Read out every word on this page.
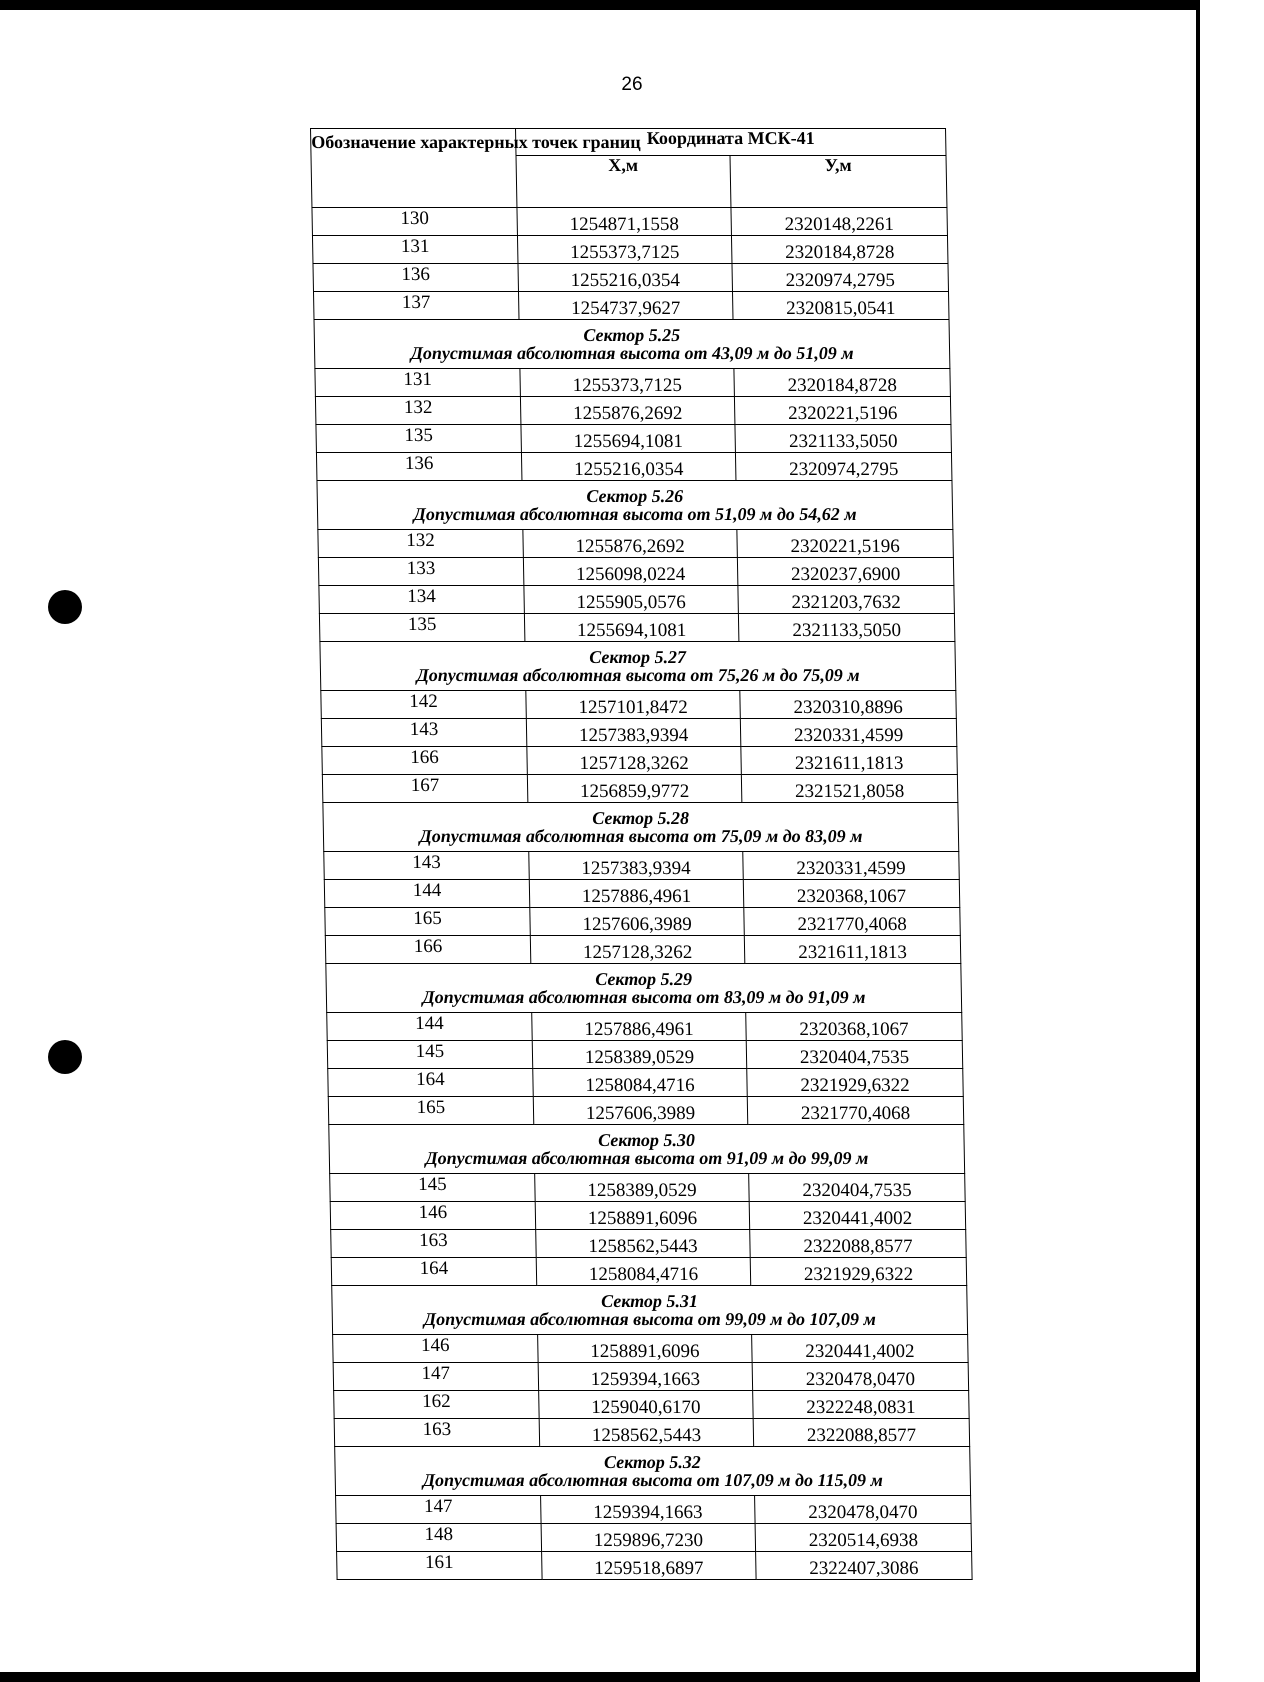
26
Обозначение характерных точек границ	Координата МСК-41	
	Х,м	У,м
130	1254871,1558	2320148,2261
131	1255373,7125	2320184,8728
136	1255216,0354	2320974,2795
137	1254737,9627	2320815,0541
Сектор 5.25		
Допустимая абсолютная высота от 43,09 м до 51,09 м		
131	1255373,7125	2320184,8728
132	1255876,2692	2320221,5196
135	1255694,1081	2321133,5050
136	1255216,0354	2320974,2795
Сектор 5.26		
Допустимая абсолютная высота от 51,09 м до 54,62 м		
132	1255876,2692	2320221,5196
133	1256098,0224	2320237,6900
134	1255905,0576	2321203,7632
135	1255694,1081	2321133,5050
Сектор 5.27		
Допустимая абсолютная высота от 75,26 м до 75,09 м		
142	1257101,8472	2320310,8896
143	1257383,9394	2320331,4599
166	1257128,3262	2321611,1813
167	1256859,9772	2321521,8058
Сектор 5.28		
Допустимая абсолютная высота от 75,09 м до 83,09 м		
143	1257383,9394	2320331,4599
144	1257886,4961	2320368,1067
165	1257606,3989	2321770,4068
166	1257128,3262	2321611,1813
Сектор 5.29		
Допустимая абсолютная высота от 83,09 м до 91,09 м		
144	1257886,4961	2320368,1067
145	1258389,0529	2320404,7535
164	1258084,4716	2321929,6322
165	1257606,3989	2321770,4068
Сектор 5.30		
Допустимая абсолютная высота от 91,09 м до 99,09 м		
145	1258389,0529	2320404,7535
146	1258891,6096	2320441,4002
163	1258562,5443	2322088,8577
164	1258084,4716	2321929,6322
Сектор 5.31		
Допустимая абсолютная высота от 99,09 м до 107,09 м		
146	1258891,6096	2320441,4002
147	1259394,1663	2320478,0470
162	1259040,6170	2322248,0831
163	1258562,5443	2322088,8577
Сектор 5.32		
Допустимая абсолютная высота от 107,09 м до 115,09 м		
147	1259394,1663	2320478,0470
148	1259896,7230	2320514,6938
161	1259518,6897	2322407,3086
